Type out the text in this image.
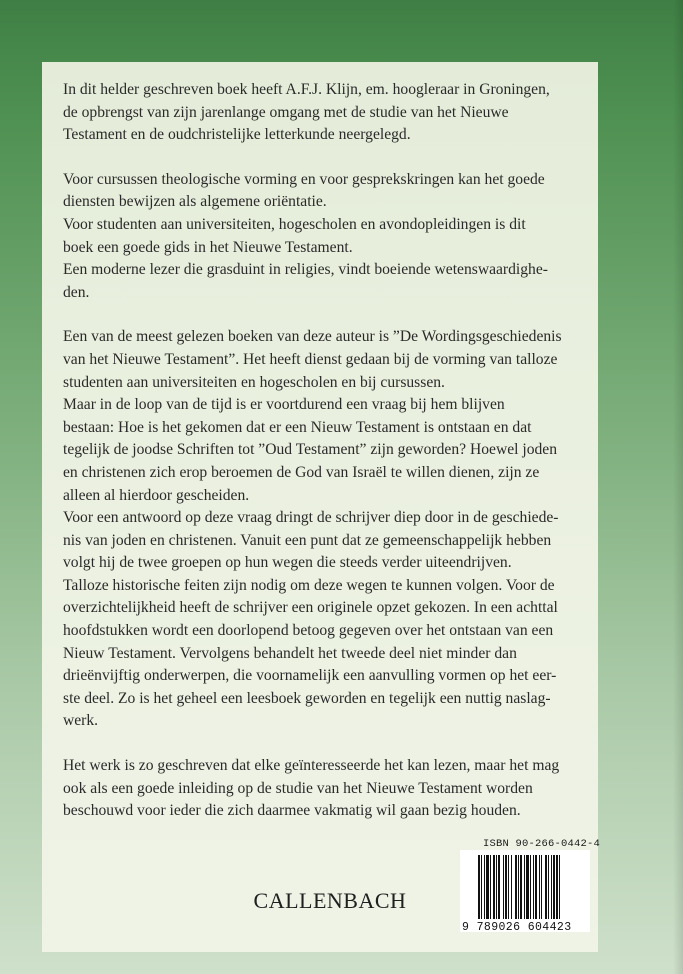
In dit helder geschreven boek heeft A.F.J. Klijn, em. hoogleraar in Groningen,
de opbrengst van zijn jarenlange omgang met de studie van het Nieuwe
Testament en de oudchristelijke letterkunde neergelegd.

Voor cursussen theologische vorming en voor gesprekskringen kan het goede
diensten bewijzen als algemene oriëntatie.
Voor studenten aan universiteiten, hogescholen en avondopleidingen is dit
boek een goede gids in het Nieuwe Testament.
Een moderne lezer die grasduint in religies, vindt boeiende wetenswaardighe-
den.

Een van de meest gelezen boeken van deze auteur is ”De Wordingsgeschiedenis
van het Nieuwe Testament”. Het heeft dienst gedaan bij de vorming van talloze
studenten aan universiteiten en hogescholen en bij cursussen.
Maar in de loop van de tijd is er voortdurend een vraag bij hem blijven
bestaan: Hoe is het gekomen dat er een Nieuw Testament is ontstaan en dat
tegelijk de joodse Schriften tot ”Oud Testament” zijn geworden? Hoewel joden
en christenen zich erop beroemen de God van Israël te willen dienen, zijn ze
alleen al hierdoor gescheiden.
Voor een antwoord op deze vraag dringt de schrijver diep door in de geschiede-
nis van joden en christenen. Vanuit een punt dat ze gemeenschappelijk hebben
volgt hij de twee groepen op hun wegen die steeds verder uiteendrijven.
Talloze historische feiten zijn nodig om deze wegen te kunnen volgen. Voor de
overzichtelijkheid heeft de schrijver een originele opzet gekozen. In een achttal
hoofdstukken wordt een doorlopend betoog gegeven over het ontstaan van een
Nieuw Testament. Vervolgens behandelt het tweede deel niet minder dan
drieënvijftig onderwerpen, die voornamelijk een aanvulling vormen op het eer-
ste deel. Zo is het geheel een leesboek geworden en tegelijk een nuttig naslag-
werk.

Het werk is zo geschreven dat elke geïnteresseerde het kan lezen, maar het mag
ook als een goede inleiding op de studie van het Nieuwe Testament worden
beschouwd voor ieder die zich daarmee vakmatig wil gaan bezig houden.

CALLENBACH
ISBN 90-266-0442-4
9 789026 604423
